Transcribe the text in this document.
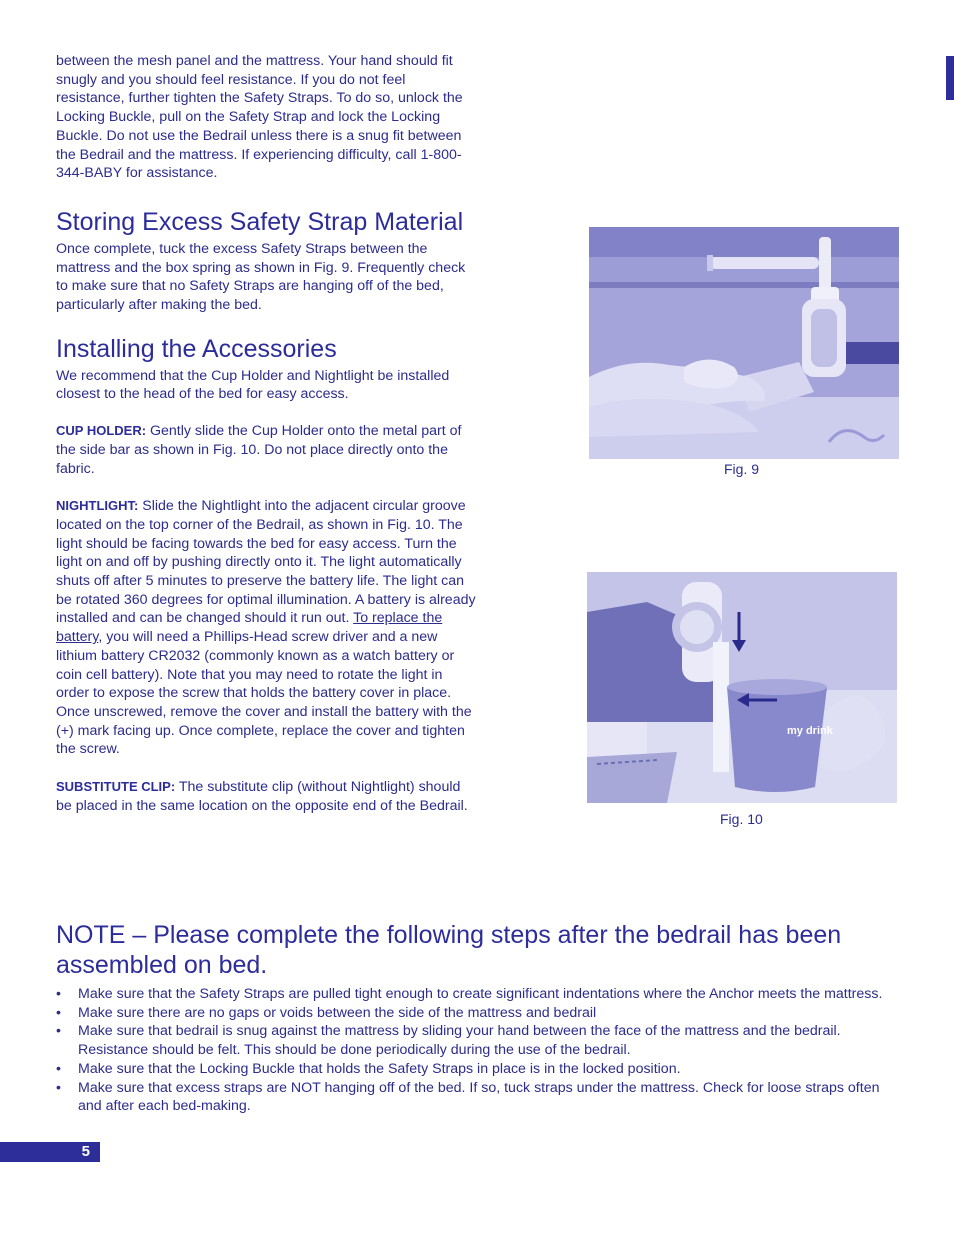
between the mesh panel and the mattress. Your hand should fit snugly and you should feel resistance. If you do not feel resistance, further tighten the Safety Straps. To do so, unlock the Locking Buckle, pull on the Safety Strap and lock the Locking Buckle. Do not use the Bedrail unless there is a snug fit between the Bedrail and the mattress. If experiencing difficulty, call 1-800-344-BABY for assistance.

Storing Excess Safety Strap Material

Once complete, tuck the excess Safety Straps between the mattress and the box spring as shown in Fig. 9. Frequently check to make sure that no Safety Straps are hanging off of the bed, particularly after making the bed.

Installing the Accessories

We recommend that the Cup Holder and Nightlight be installed closest to the head of the bed for easy access.

CUP HOLDER: Gently slide the Cup Holder onto the metal part of the side bar as shown in Fig. 10. Do not place directly onto the fabric.

NIGHTLIGHT: Slide the Nightlight into the adjacent circular groove located on the top corner of the Bedrail, as shown in Fig. 10. The light should be facing towards the bed for easy access. Turn the light on and off by pushing directly onto it. The light automatically shuts off after 5 minutes to preserve the battery life. The light can be rotated 360 degrees for optimal illumination. A battery is already installed and can be changed should it run out. To replace the battery, you will need a Phillips-Head screw driver and a new lithium battery CR2032 (commonly known as a watch battery or coin cell battery). Note that you may need to rotate the light in order to expose the screw that holds the battery cover in place. Once unscrewed, remove the cover and install the battery with the (+) mark facing up. Once complete, replace the cover and tighten the screw.

SUBSTITUTE CLIP: The substitute clip (without Nightlight) should be placed in the same location on the opposite end of the Bedrail.

Fig. 9
my drink
Fig. 10
NOTE – Please complete the following steps after the bedrail has been assembled on bed.
• Make sure that the Safety Straps are pulled tight enough to create significant indentations where the Anchor meets the mattress.
• Make sure there are no gaps or voids between the side of the mattress and bedrail
• Make sure that bedrail is snug against the mattress by sliding your hand between the face of the mattress and the bedrail. Resistance should be felt. This should be done periodically during the use of the bedrail.
• Make sure that the Locking Buckle that holds the Safety Straps in place is in the locked position.
• Make sure that excess straps are NOT hanging off of the bed. If so, tuck straps under the mattress. Check for loose straps often and after each bed-making.
5
